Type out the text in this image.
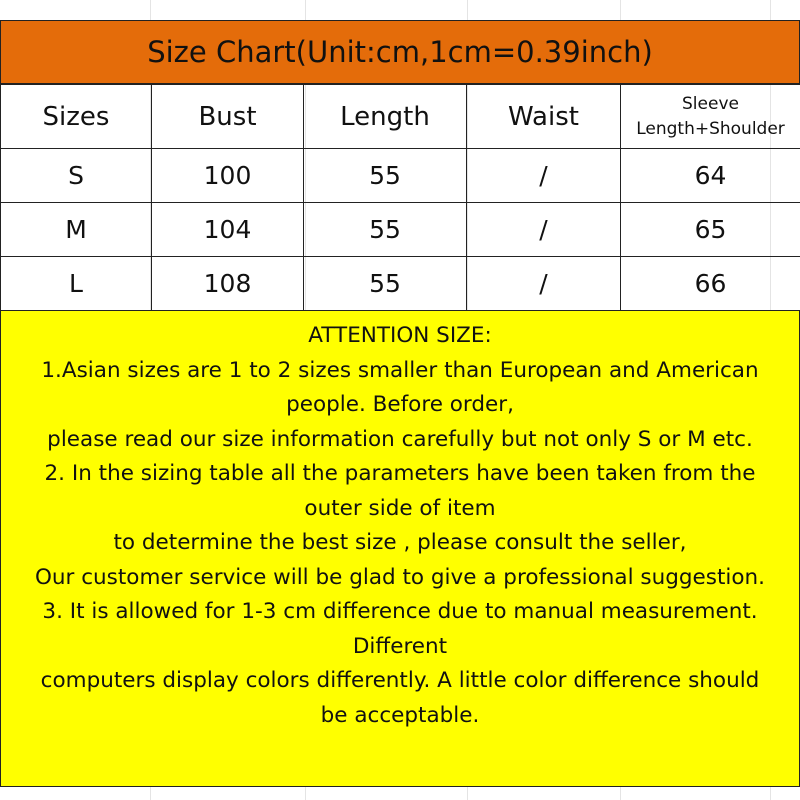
Size Chart(Unit:cm,1cm=0.39inch)
Sizes	Bust	Length	Waist	Sleeve
Length+Shoulder

S	100	55	/	64
M	104	55	/	65
L	108	55	/	66
ATTENTION SIZE:
1.Asian sizes are 1 to 2 sizes smaller than European and American
people. Before order,
please read our size information carefully but not only S or M etc.
2. In the sizing table all the parameters have been taken from the
outer side of item
to determine the best size , please consult the seller,
Our customer service will be glad to give a professional suggestion.
3. It is allowed for 1-3 cm difference due to manual measurement.
Different
computers display colors differently. A little color difference should
be acceptable.
